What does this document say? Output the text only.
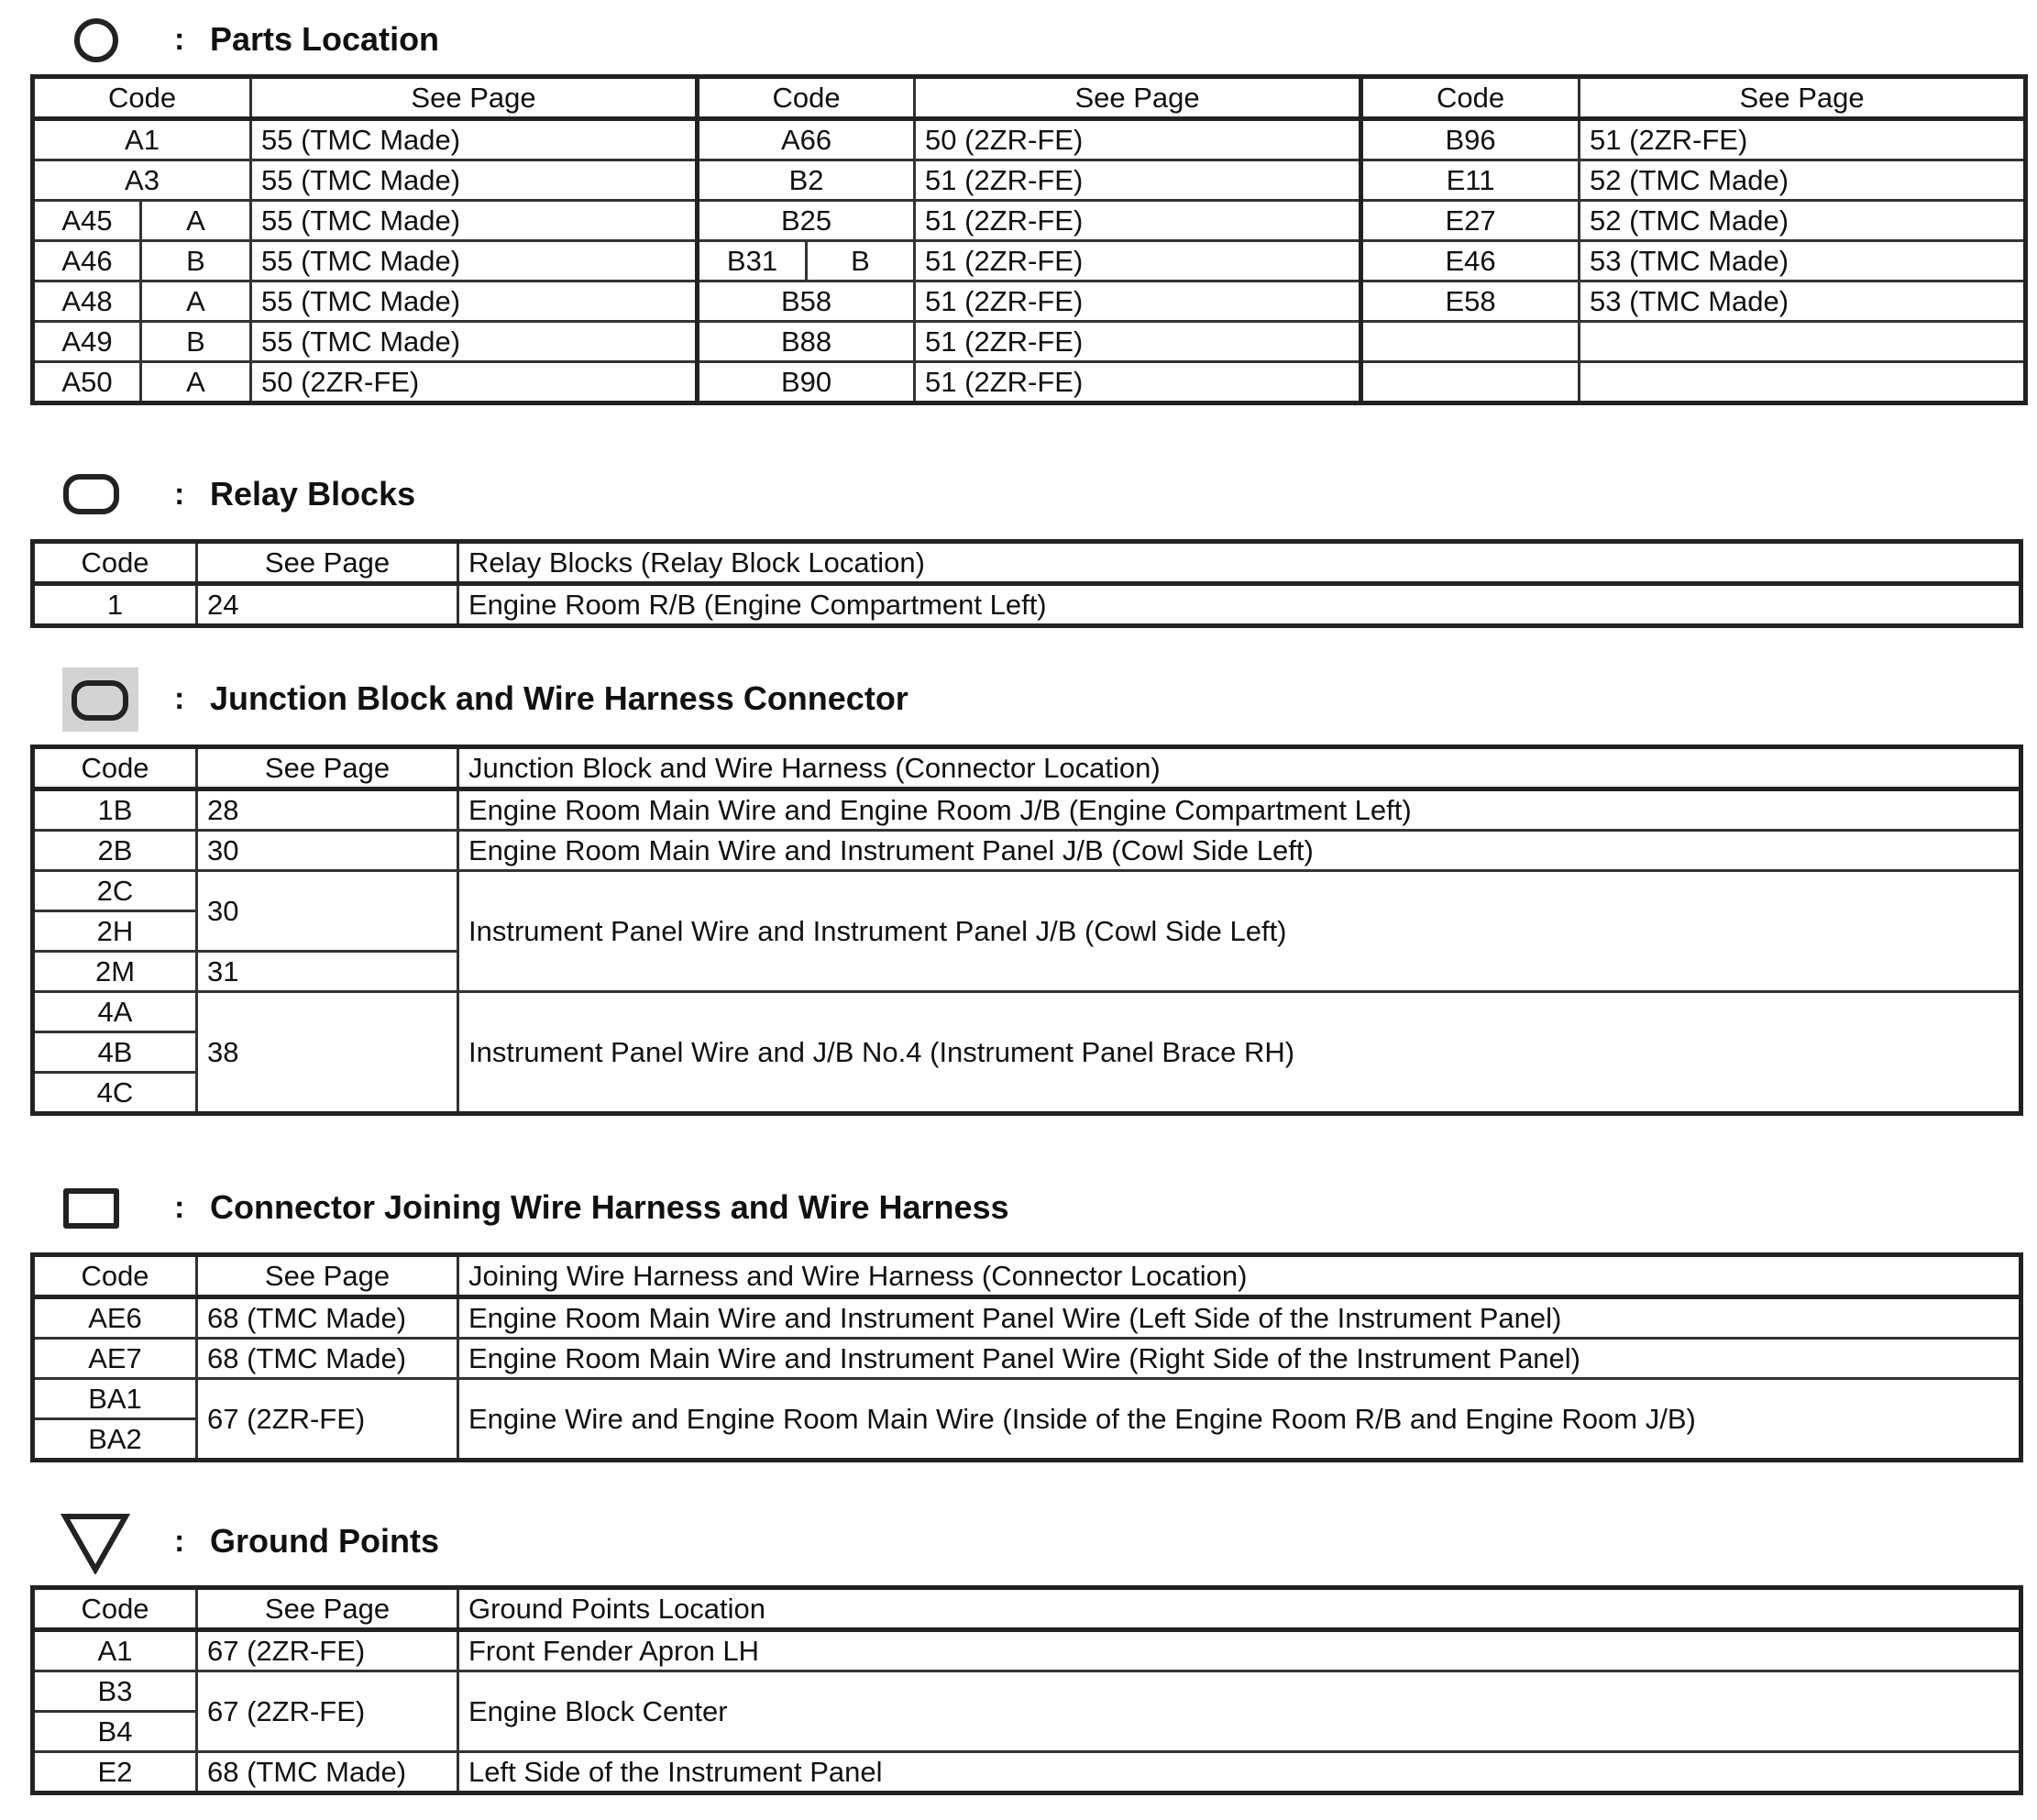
: Parts Location
: Relay Blocks
: Junction Block and Wire Harness Connector
: Connector Joining Wire Harness and Wire Harness
: Ground Points
Code		See Page	Code		See Page	Code	See Page
A1		55 (TMC Made)	A66		50 (2ZR-FE)	B96	51 (2ZR-FE)
A3		55 (TMC Made)	B2		51 (2ZR-FE)	E11	52 (TMC Made)
A45	A	55 (TMC Made)	B25		51 (2ZR-FE)	E27	52 (TMC Made)
A46	B	55 (TMC Made)	B31	B	51 (2ZR-FE)	E46	53 (TMC Made)
A48	A	55 (TMC Made)	B58		51 (2ZR-FE)	E58	53 (TMC Made)
A49	B	55 (TMC Made)	B88		51 (2ZR-FE)		
A50	A	50 (2ZR-FE)	B90		51 (2ZR-FE)		
Code	See Page	Relay Blocks (Relay Block Location)
1	24	Engine Room R/B (Engine Compartment Left)
Code	See Page	Junction Block and Wire Harness (Connector Location)
1B	28	Engine Room Main Wire and Engine Room J/B (Engine Compartment Left)
2B	30	Engine Room Main Wire and Instrument Panel J/B (Cowl Side Left)
2C	30	Instrument Panel Wire and Instrument Panel J/B (Cowl Side Left)
2H		
2M	31	
4A	38	Instrument Panel Wire and J/B No.4 (Instrument Panel Brace RH)
4B		
4C		
Code	See Page	Joining Wire Harness and Wire Harness (Connector Location)
AE6	68 (TMC Made)	Engine Room Main Wire and Instrument Panel Wire (Left Side of the Instrument Panel)
AE7	68 (TMC Made)	Engine Room Main Wire and Instrument Panel Wire (Right Side of the Instrument Panel)
BA1	67 (2ZR-FE)	Engine Wire and Engine Room Main Wire (Inside of the Engine Room R/B and Engine Room J/B)
BA2		
Code	See Page	Ground Points Location
A1	67 (2ZR-FE)	Front Fender Apron LH
B3	67 (2ZR-FE)	Engine Block Center
B4		
E2	68 (TMC Made)	Left Side of the Instrument Panel
